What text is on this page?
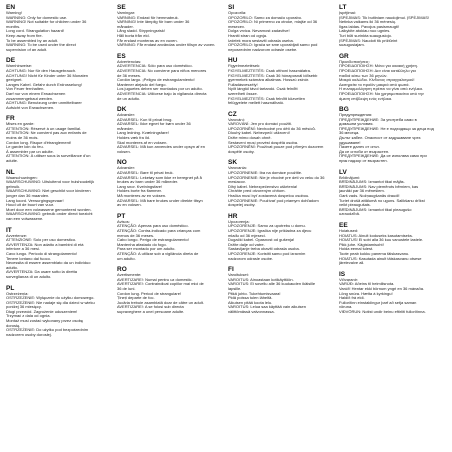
EN
Warning!
WARNING: Only for domestic use.
WARNING! Not suitable for children under 36
months.
Long cord. Strangulation hazard!
Keep away from fire.
To be assembled by an adult.
WARNING: To be used under the direct
supervision of an adult.
DE
Warnhinweise:
ACHTUNG: Nur für den Hausgebrauch.
ACHTUNG! Nicht für Kinder unter 36 Monaten
geeignet.
Langes Kabel. Gefahr durch Erdrosselung!
Von Feuer fernhalten.
Darf nur von einem Erwachsenen
zusammengebaut werden.
ACHTUNG: Benutzung unter unmittelbarer
Aufsicht von Erwachsenen.
FR
Mises en garde:
ATTENTION: Réservé à un usage familial.
ATTENTION: Ne convient pas aux enfants de
moins de 36 mois.
Cordon long. Risque d'étranglement!
Le garder loin du feu.
À assembler par un adulte.
ATTENTION: À utiliser sous la surveillance d'un
adulte.
NL
Waarschuwingen:
WAARSCHUWING: Uitsluitend voor huishoudelijk
gebruik.
WAARSCHUWING: Niet geschikt voor kinderen
jonger dan 36 maanden.
Lang koord. Verwurgingsgevaar!
Houd uit de buurt van vuur.
Moet door een volwassene gemonteerd worden.
WAARSCHUWING: gebruik onder direct toezicht
van een volwassene.
IT
Avvertenze:
ATTENZIONE: Solo per uso domestico.
AVVERTENZA: Non adatto a bambini di età
inferiore a 36 mesi.
Cavo lungo. Pericolo di strangolamento!
Tenere lontano dal fuoco.
Necessita di essere assemblato da un individuo
adulto.
AVVERTENZA: Da usare sotto la diretta
sorveglianza di un adulto.
PL
Ostrzeżenia:
OSTRZEŻENIE: Wyłącznie do użytku domowego.
OSTRZEŻENIE: Nie nadaje się dla dzieci w wieku
poniżej 36 miesięcy.
Długi przewód. Zagrożenie uduszeniem!
Trzymać z dala od ognia.
Montaż musi zostać wykonany przez osobę
dorosłą.
OSTRZEŻENIE: Do użytku pod bezpośrednim
nadzorem osoby dorosłej.
SE
Varningar:
VARNING: Endast för hemmabruk.
VARNING! Inte lämplig för barn under 36
månader.
Lång sladd. Strypningsrisk!
Håll borta från eld.
Får endast monteras av en vuxen.
VARNING: Får endast användas under tillsyn av vuxen.
ES
Advertencias:
ADVERTENCIA: Sólo para uso doméstico.
ADVERTENCIA: No conviene para niños menores
de 36 meses.
Cordón largo. ¡Peligro de estrangulamiento!
Mantener alejado del fuego.
Los juguetes deben ser montados por un adulto.
ADVERTENCIA: Utilícese bajo la vigilancia directa
de un adulto.
DK
Advarsler:
ADVARSEL: Kun til privat brug.
ADVARSEL: Ikke egnet for børn under 36
måneder.
Lang ledning. Kvælningsfare!
Holdes væk fra ild.
Skal monteres af en voksen.
ADVARSEL: Må kun anvendes under opsyn af en
voksen.
NO
Advarsler:
ADVARSEL: Bare til privat bruk.
ADVARSEL: Leketøy som ikke er beregnet på å
brukes av barn under 36 måneder.
Lang snor. Kvelningsfare!
Holdes borte fra flammer.
Må monteres av en voksen.
ADVARSEL: Må bare brukes under direkte tilsyn
av en voksen.
PT
Avisos:
ATENÇÃO: Apenas para uso doméstico.
ATENÇÃO: Contra-indicado para crianças com
menos de 36 meses.
Cabo longo. Perigo de estrangulamento!
Mantenha afastado do fogo.
Para ser montado por um adulto.
ATENÇÃO: A utilizar sob a vigilância direta de
um adulto.
RO
Avertismente:
AVERTIZARE!: Numai pentru uz domestic.
AVERTIZARE!: Contraindicat copiilor mai mici de
36 de luni.
Cordon lung. Pericol de strangulare!
Țineți departe de foc.
Jucăria trebuie asamblată doar de către un adult.
AVERTIZARE!: A se folosi sub directa
supraveghere a unei persoane adulte.
SI
Opozorila:
OPOZORILO: Samo za domačo uporabo.
OPOZORILO: Ni primerno za otroke, mlajše od 36
mesecev.
Dolga vrvica. Nevarnost zadavitve!
Hraniti stran od ognja.
Izdelek mora sestaviti odrasla oseba.
OPOZORILO: Igrača se sme uporabljati samo pod
neposrednim nadzorom odrasle osebe.
HU
Figyelmeztetések:
FIGYELMEZTETÉS: Csak otthoni használatra.
FIGYELMEZTETÉS: Csak 36 hónaposnál idősebb
gyermekek számára alkalmas. Hosszú zsinór.
Fulladásveszély!
Nyílt lángtól távol tartandó. Csak felnőtt
szerelheti össze.
FIGYELMEZTETÉS: Csak felnőtt közvetlen
felügyelete mellett használható.
CZ
Varování:
VAROVÁNÍ: Jen pro domácí použití.
UPOZORNĚNÍ: Nevhodné pro děti do 36 měsíců.
Dlouhý kabel. Nebezpečí uškrcení!
Držte mimo dosah ohně.
Sestavení musí provést dospělá osoba.
UPOZORNĚNÍ: Používat pouze pod přímým dozorem
dospělé osoby.
SK
Varovania:
UPOZORNENIE: Iba na domáce použitie.
UPOZORNENIE: Nie je vhodné pre deti vo veku do 36
mesiacov.
Dlhý kábel. Nebezpečenstvo uškrtenia!
Chráňte pred otvoreným ohňom.
Hračka musí byť zostavená dospelou osobou.
UPOZORNENIE: Používať pod priamym dohľadom
dospelej osoby.
HR
Upozorenja:
UPOZORENJE: Samo za upotrebu u domu.
UPOZORENJE: Igračka nije prikladna za djecu
mlađu od 36 mjeseci.
Dugački kabel. Opasnost od gušenja!
Držite dalje od vatre.
Sastavljanje treba obaviti odrasla osoba.
UPOZORENJE: Koristiti samo pod izravnim
nadzorom odrasle osobe.
FI
Varoitukset:
VAROITUS: Ainoastaan kotikäyttöön.
VAROITUS: Ei sovellu alle 36 kuukauden ikäisille
lapsille.
Pitkä johto. Tukehtumisvaara!
Pidä poissa tulen läheltä.
Aikuisen pitää koota lelu.
VAROITUS: Lelua saa käyttää vain aikuisen
välittömässä valvonnassa.
LT
Įspėjimai:
ĮSPĖJIMAS: Tik buitiniam naudojimui. ĮSPĖJIMAS!
Netinka vaikams iki 36 mėnesių.
Ilgas laidas. Pavojus pasismaugti!
Laikykite atokiau nuo ugnies.
Turi būti surinkta suaugusiojo.
ĮSPĖJIMAS: Naudoti tik prižiūrint
suaugusiajam.
GR
Προειδοποιήσεις:
ΠΡΟΕΙΔΟΠΟΙΗΣΗ: Μόνο για οικιακή χρήση.
ΠΡΟΕΙΔΟΠΟΙΗΣΗ: Δεν είναι κατάλληλο για
παιδιά κάτω των 36 μηνών.
Μακρύ καλώδιο. Κίνδυνος στραγγαλισμού!
Διατηρείτε το προϊόν μακριά από φωτιά.
Η συναρμολόγηση πρέπει να γίνει από ενήλικα.
ΠΡΟΕΙΔΟΠΟΙΗΣΗ: Να χρησιμοποιείται υπό την
άμεση επίβλεψη ενός ενήλικα.
BG
Предупреждения:
ПРЕДУПРЕЖДЕНИЕ: За употреба само в
домашни условия.
ПРЕДУПРЕЖДЕНИЕ: Не е подходящо за деца под
36 месеца.
Дълъг кабел. Опасност от задушаване чрез
удушаване!
Пазете далеч от огън.
Да се сглоби от възрастен.
ПРЕДУПРЕЖДЕНИЕ: Да се използва само при
пряк надзор от възрастен.
LV
Brīdinājumi:
BRĪDINĀJUMS: Izmantot tikai mājās.
BRĪDINĀJUMS: Nav piemērots bērniem, kas
jaunāki par 36 mēnešiem.
Garš vads. Nožņaugšanās draudi!
Turiet drošā attālumā no uguns. Salikšanu drīkst
veikt pieaugušais.
BRĪDINĀJUMS: Izmantot tikai pieaugušo
uzraudzībā.
EE
Hoiatused:
HOIATUS: Ainult koduseks kasutamiseks.
HOIATUS! Ei sobi alla 36 kuu vanustele lastele.
Pikk juhe. Kägistamisoht!
Hoida eemal tulest.
Toote peab kokku panema täiskasvanu.
HOIATUS: Kasutada ainult täiskasvanu otsese
järelevalve all.
IS
Viðvaranir:
VARÚÐ: Aðeins til heimilisnota.
Varúð! Hentar ekki börnum yngri en 36 mánaða.
Löng snúra. Hætta á kyrkingu!
Haldið frá eldi.
Fullorðinn einstaklingur þarf að setja saman
vöruna.
VIÐVÖRUN: Notist undir beinu eftirliti fullorðinna.
